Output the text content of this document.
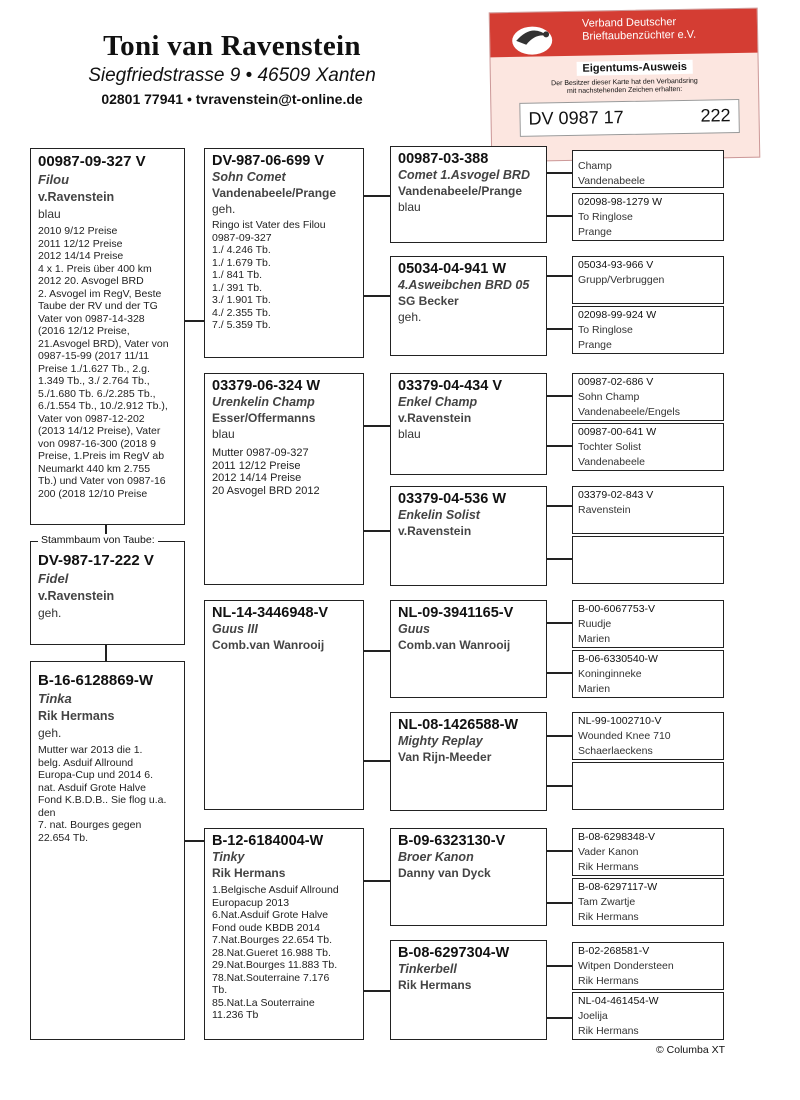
Toni van Ravenstein
Siegfriedstrasse 9 • 46509 Xanten
02801 77941 • tvravenstein@t-online.de
Verband Deutscher
Brieftaubenzüchter e.V.
Eigentums-Ausweis
Der Besitzer dieser Karte hat den Verbandsring
mit nachstehenden Zeichen erhalten:
DV 0987 17	222
00987-09-327 V
Filou
v.Ravenstein
blau
2010 9/12 Preise
2011 12/12 Preise
2012 14/14 Preise
4 x 1. Preis über 400 km
2012 20. Asvogel BRD
2. Asvogel im RegV, Beste
Taube der RV und der TG
Vater von 0987-14-328
(2016 12/12 Preise,
21.Asvogel BRD), Vater von
0987-15-99 (2017 11/11
Preise 1./1.627 Tb., 2.g.
1.349 Tb., 3./ 2.764 Tb.,
5./1.680 Tb. 6./2.285 Tb.,
6./1.554 Tb., 10./2.912 Tb.),
Vater von 0987-12-202
(2013 14/12 Preise), Vater
von 0987-16-300 (2018 9
Preise, 1.Preis im RegV ab
Neumarkt 440 km 2.755
Tb.) und Vater von 0987-16
200 (2018 12/10 Preise
DV-987-17-222 V
Fidel
v.Ravenstein
geh.
Stammbaum von Taube:
B-16-6128869-W
Tinka
Rik Hermans
geh.
Mutter war 2013 die 1.
belg. Asduif Allround
Europa-Cup und 2014 6.
nat. Asduif Grote Halve
Fond K.B.D.B.. Sie flog u.a.
den
7. nat. Bourges gegen
22.654 Tb.
DV-987-06-699 V
Sohn Comet
Vandenabeele/Prange
geh.
Ringo ist Vater des Filou
0987-09-327
1./ 4.246 Tb.
1./ 1.679 Tb.
1./ 841 Tb.
1./ 391 Tb.
3./ 1.901 Tb.
4./ 2.355 Tb.
7./ 5.359 Tb.
03379-06-324 W
Urenkelin Champ
Esser/Offermanns
blau
Mutter 0987-09-327
2011 12/12 Preise
2012 14/14 Preise
20 Asvogel BRD 2012
NL-14-3446948-V
Guus III
Comb.van Wanrooij
B-12-6184004-W
Tinky
Rik Hermans
1.Belgische Asduif Allround
Europacup 2013
6.Nat.Asduif Grote Halve
Fond oude KBDB 2014
7.Nat.Bourges 22.654 Tb.
28.Nat.Gueret 16.988 Tb.
29.Nat.Bourges 11.883 Tb.
78.Nat.Souterraine 7.176
Tb.
85.Nat.La Souterraine
11.236 Tb
00987-03-388
Comet 1.Asvogel BRD
Vandenabeele/Prange
blau
05034-04-941 W
4.Asweibchen BRD 05
SG Becker
geh.
03379-04-434 V
Enkel Champ
v.Ravenstein
blau
03379-04-536 W
Enkelin Solist
v.Ravenstein
NL-09-3941165-V
Guus
Comb.van Wanrooij
NL-08-1426588-W
Mighty Replay
Van Rijn-Meeder
B-09-6323130-V
Broer Kanon
Danny van Dyck
B-08-6297304-W
Tinkerbell
Rik Hermans
Champ
Vandenabeele
02098-98-1279 W
To Ringlose
Prange
05034-93-966 V
Grupp/Verbruggen
02098-99-924 W
To Ringlose
Prange
00987-02-686 V
Sohn Champ
Vandenabeele/Engels
00987-00-641 W
Tochter Solist
Vandenabeele
03379-02-843 V
Ravenstein
B-00-6067753-V
Ruudje
Marien
B-06-6330540-W
Koninginneke
Marien
NL-99-1002710-V
Wounded Knee 710
Schaerlaeckens
B-08-6298348-V
Vader Kanon
Rik Hermans
B-08-6297117-W
Tam Zwartje
Rik Hermans
B-02-268581-V
Witpen Dondersteen
Rik Hermans
NL-04-461454-W
Joelija
Rik Hermans
© Columba XT
